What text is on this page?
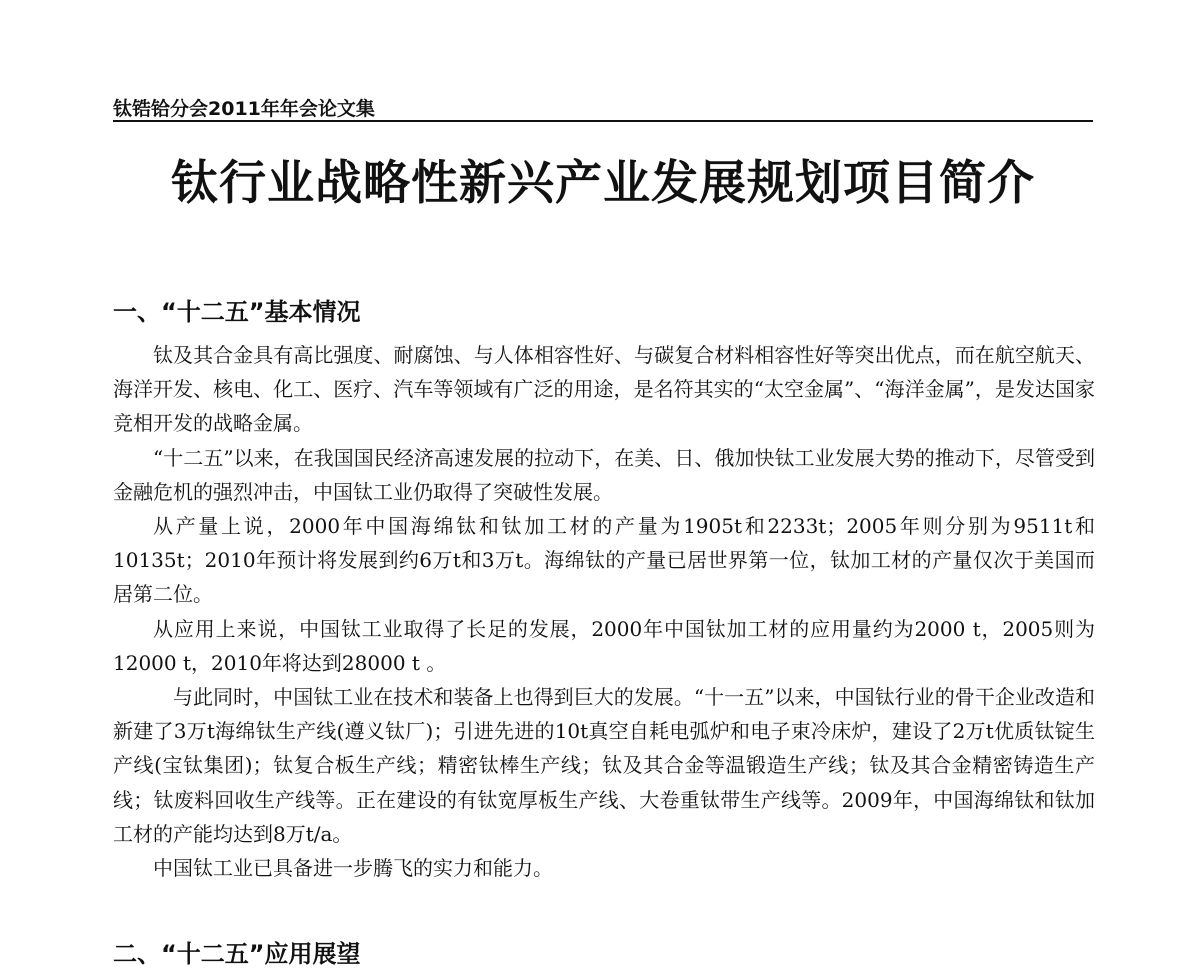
钛锆铪分会2011年年会论文集
钛行业战略性新兴产业发展规划项目简介
一、“十二五”基本情况

钛及其合金具有高比强度、耐腐蚀、与人体相容性好、与碳复合材料相容性好等突出优点，而在航空航天、海洋开发、核电、化工、医疗、汽车等领域有广泛的用途，是名符其实的“太空金属”、“海洋金属”，是发达国家竞相开发的战略金属。

“十二五”以来，在我国国民经济高速发展的拉动下，在美、日、俄加快钛工业发展大势的推动下，尽管受到金融危机的强烈冲击，中国钛工业仍取得了突破性发展。

从产量上说，2000年中国海绵钛和钛加工材的产量为1905t和2233t；2005年则分别为9511t和10135t；2010年预计将发展到约6万t和3万t。海绵钛的产量已居世界第一位，钛加工材的产量仅次于美国而居第二位。

从应用上来说，中国钛工业取得了长足的发展，2000年中国钛加工材的应用量约为2000 t，2005则为12000 t，2010年将达到28000 t 。

与此同时，中国钛工业在技术和装备上也得到巨大的发展。“十一五”以来，中国钛行业的骨干企业改造和新建了3万t海绵钛生产线(遵义钛厂)；引进先进的10t真空自耗电弧炉和电子束冷床炉，建设了2万t优质钛锭生产线(宝钛集团)；钛复合板生产线；精密钛棒生产线；钛及其合金等温锻造生产线；钛及其合金精密铸造生产线；钛废料回收生产线等。正在建设的有钛宽厚板生产线、大卷重钛带生产线等。2009年，中国海绵钛和钛加工材的产能均达到8万t/a。

中国钛工业已具备进一步腾飞的实力和能力。

二、“十二五”应用展望
